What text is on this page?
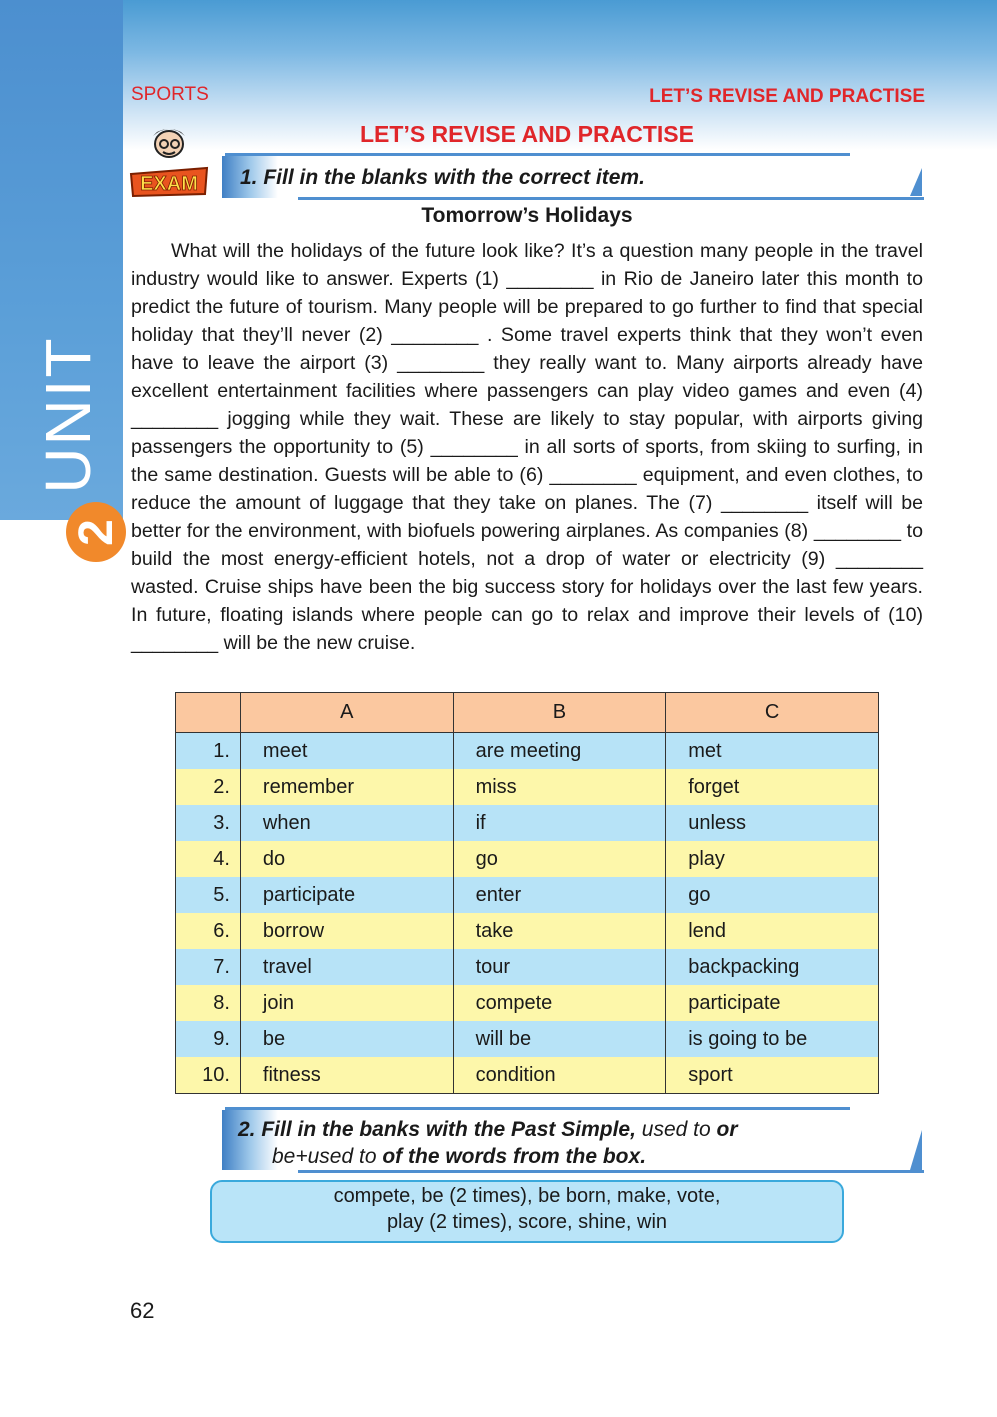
UNIT
2
SPORTS	LET’S REVISE AND PRACTISE
LET’S REVISE AND PRACTISE
EXAM 1. Fill in the blanks with the correct item.
Tomorrow’s Holidays

What will the holidays of the future look like? It’s a question many people in the travel industry would like to answer. Experts (1) ________ in Rio de Janeiro later this month to predict the future of tourism. Many people will be prepared to go further to find that special holiday that they’ll never (2) ________ . Some travel experts think that they won’t even have to leave the airport (3) ________ they really want to. Many airports already have excellent entertainment facilities where passengers can play video games and even (4) ________ jogging while they wait. These are likely to stay popular, with airports giving passengers the opportunity to (5) ________ in all sorts of sports, from skiing to surfing, in the same destination. Guests will be able to (6) ________ equipment, and even clothes, to reduce the amount of luggage that they take on planes. The (7) ________ itself will be better for the environment, with biofuels powering airplanes. As companies (8) ________ to build the most energy-efficient hotels, not a drop of water or electricity (9) ________ wasted. Cruise ships have been the big success story for holidays over the last few years. In future, floating islands where people can go to relax and improve their levels of (10) ________ will be the new cruise.

	A	B	C
1.	meet	are meeting	met
2.	remember	miss	forget
3.	when	if	unless
4.	do	go	play
5.	participate	enter	go
6.	borrow	take	lend
7.	travel	tour	backpacking
8.	join	compete	participate
9.	be	will be	is going to be
10.	fitness	condition	sport
2. Fill in the banks with the Past Simple, used to or
be+used to of the words from the box.
compete, be (2 times), be born, make, vote,
play (2 times), score, shine, win
62
